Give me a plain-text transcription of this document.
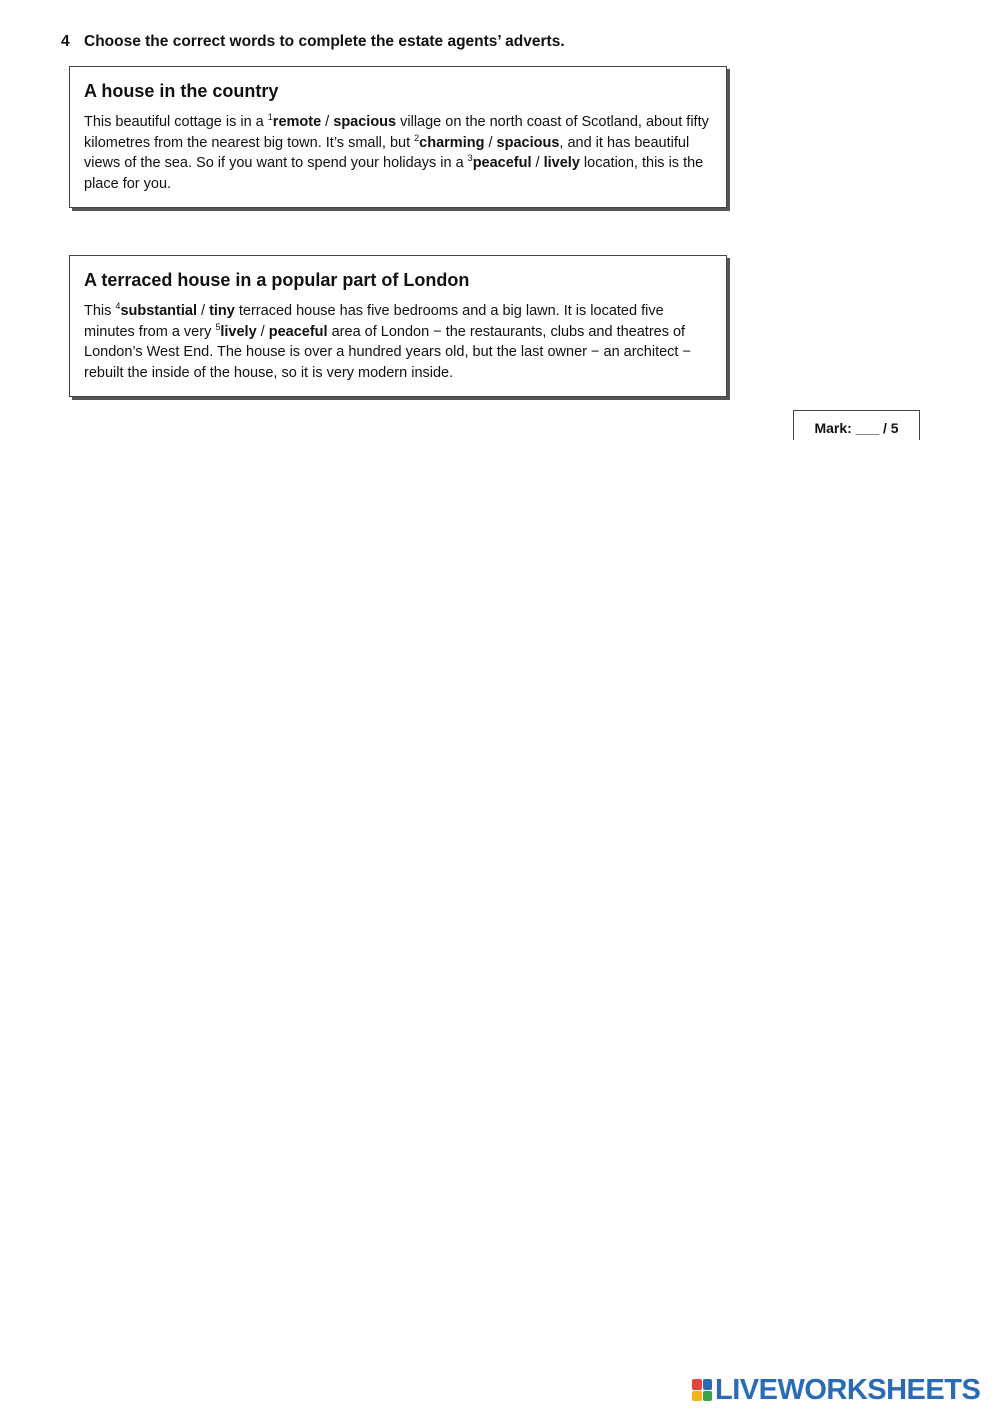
4 Choose the correct words to complete the estate agents’ adverts.
A house in the country

This beautiful cottage is in a $^1$remote / spacious village on the north coast of Scotland, about fifty kilometres from the nearest big town. It’s small, but $^2$charming / spacious, and it has beautiful views of the sea. So if you want to spend your holidays in a $^3$peaceful / lively location, this is the place for you.

A terraced house in a popular part of London

This $^4$substantial / tiny terraced house has five bedrooms and a big lawn. It is located five minutes from a very $^5$lively / peaceful area of London − the restaurants, clubs and theatres of London’s West End. The house is over a hundred years old, but the last owner − an architect − rebuilt the inside of the house, so it is very modern inside.

Mark: ___ / 5
LIVEWORKSHEETS
